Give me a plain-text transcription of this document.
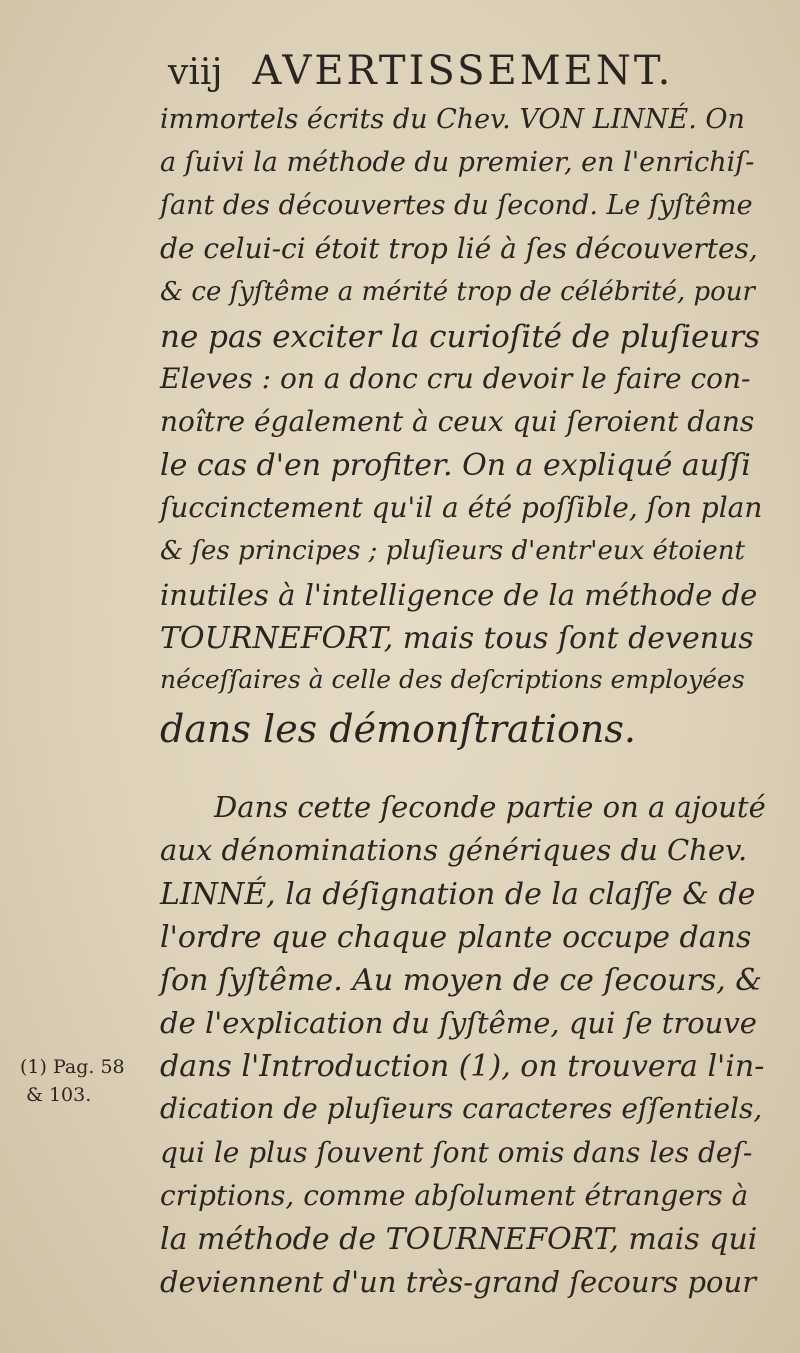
viij AVERTISSEMENT.
immortels écrits du Chev. VON LINNÉ. On
a ſuivi la méthode du premier, en l'enrichiſ-
ſant des découvertes du ſecond. Le ſyſtême
de celui-ci étoit trop lié à ſes découvertes,
& ce ſyſtême a mérité trop de célébrité, pour
ne pas exciter la curioſité de pluſieurs
Eleves : on a donc cru devoir le faire con-
noître également à ceux qui ſeroient dans
le cas d'en profiter. On a expliqué auſſi
ſuccinctement qu'il a été poſſible, ſon plan
& ſes principes ; pluſieurs d'entr'eux étoient
inutiles à l'intelligence de la méthode de
TOURNEFORT, mais tous ſont devenus
néceſſaires à celle des deſcriptions employées
dans les démonſtrations.
Dans cette ſeconde partie on a ajouté
aux dénominations génériques du Chev.
LINNÉ, la déſignation de la claſſe & de
l'ordre que chaque plante occupe dans
ſon ſyſtême. Au moyen de ce ſecours, &
de l'explication du ſyſtême, qui ſe trouve
dans l'Introduction (1), on trouvera l'in-
dication de pluſieurs caracteres eſſentiels,
qui le plus ſouvent ſont omis dans les deſ-
criptions, comme abſolument étrangers à
la méthode de TOURNEFORT, mais qui
deviennent d'un très-grand ſecours pour
(1) Pag. 58
& 103.
